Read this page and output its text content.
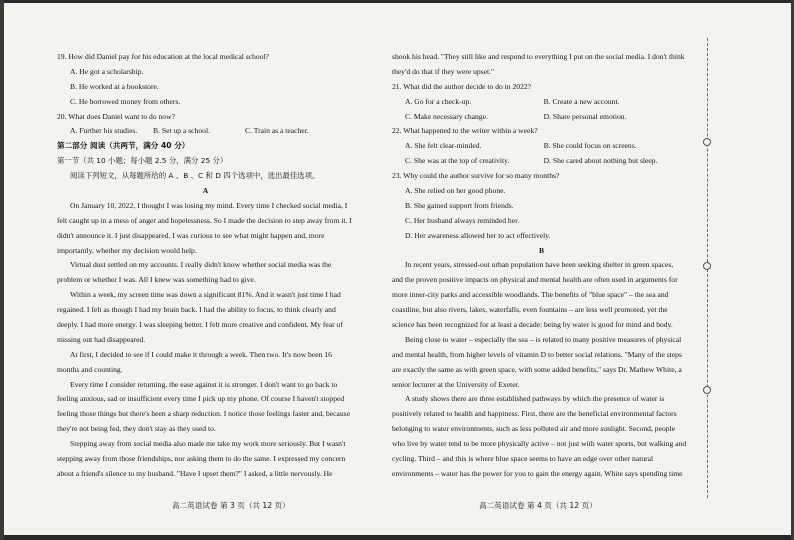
19. How did Daniel pay for his education at the local medical school?
A. He got a scholarship.
B. He worked at a bookstore.
C. He borrowed money from others.
20. What does Daniel want to do now?
A. Further his studies.	B. Set up a school.	C. Train as a teacher.
第二部分 阅读（共两节，满分 40 分）
第一节（共 10 小题；每小题 2.5 分，满分 25 分）
阅读下列短文，从每题所给的 A 、B 、C 和 D 四个选项中，选出最佳选项。
A
On January 10, 2022, I thought I was losing my mind. Every time I checked social media, I
felt caught up in a mess of anger and hopelessness. So I made the decision to step away from it. I
didn't announce it. I just disappeared. I was curious to see what might happen and, more
importantly, whether my decision would help.
Virtual dust settled on my accounts. I really didn't know whether social media was the
problem or whether I was. All I knew was something had to give.
Within a week, my screen time was down a significant 81%. And it wasn't just time I had
regained. I felt as though I had my brain back. I had the ability to focus, to think clearly and
deeply. I had more energy. I was sleeping better. I felt more creative and confident. My fear of
missing out had disappeared.
At first, I decided to see if I could make it through a week. Then two. It's now been 16
months and counting.
Every time I consider returning, the ease against it is stronger. I don't want to go back to
feeling anxious, sad or insufficient every time I pick up my phone. Of course I haven't stopped
feeling those things but there's been a sharp reduction. I notice those feelings faster and, because
they're not being fed, they don't stay as they used to.
Stepping away from social media also made me take my work more seriously. But I wasn't
stepping away from those friendships, nor asking them to do the same. I expressed my concern
about a friend's silence to my husband. "Have I upset them?" I asked, a little nervously. He
shook his head. "They still like and respond to everything I put on the social media. I don't think
they'd do that if they were upset."
21. What did the author decide to do in 2022?
A. Go for a check-up.	B. Create a new account.
C. Make necessary change.	D. Share personal emotion.
22. What happened to the writer within a week?
A. She felt clear-minded.	B. She could focus on screens.
C. She was at the top of creativity.	D. She cared about nothing but sleep.
23. Why could the author survive for so many months?
A. She relied on her good phone.
B. She gained support from friends.
C. Her husband always reminded her.
D. Her awareness allowed her to act effectively.
B
In recent years, stressed-out urban population have been seeking shelter in green spaces,
and the proven positive impacts on physical and mental health are often used in arguments for
more inner-city parks and accessible woodlands. The benefits of "blue space" – the sea and
coastline, but also rivers, lakes, waterfalls, even fountains – are less well promoted, yet the
science has been recognized for at least a decade: being by water is good for mind and body.
Being close to water – especially the sea – is related to many positive measures of physical
and mental health, from higher levels of vitamin D to better social relations. "Many of the steps
are exactly the same as with green space, with some added benefits," says Dr. Mathew White, a
senior lecturer at the University of Exeter.
A study shows there are three established pathways by which the presence of water is
positively related to health and happiness. First, there are the beneficial environmental factors
belonging to water environments, such as less polluted air and more sunlight. Second, people
who live by water tend to be more physically active – not just with water sports, but walking and
cycling. Third – and this is where blue space seems to have an edge over other natural
environments – water has the power for you to gain the energy again. White says spending time
高二英语试卷 第 3 页（共 12 页）	高二英语试卷 第 4 页（共 12 页）
